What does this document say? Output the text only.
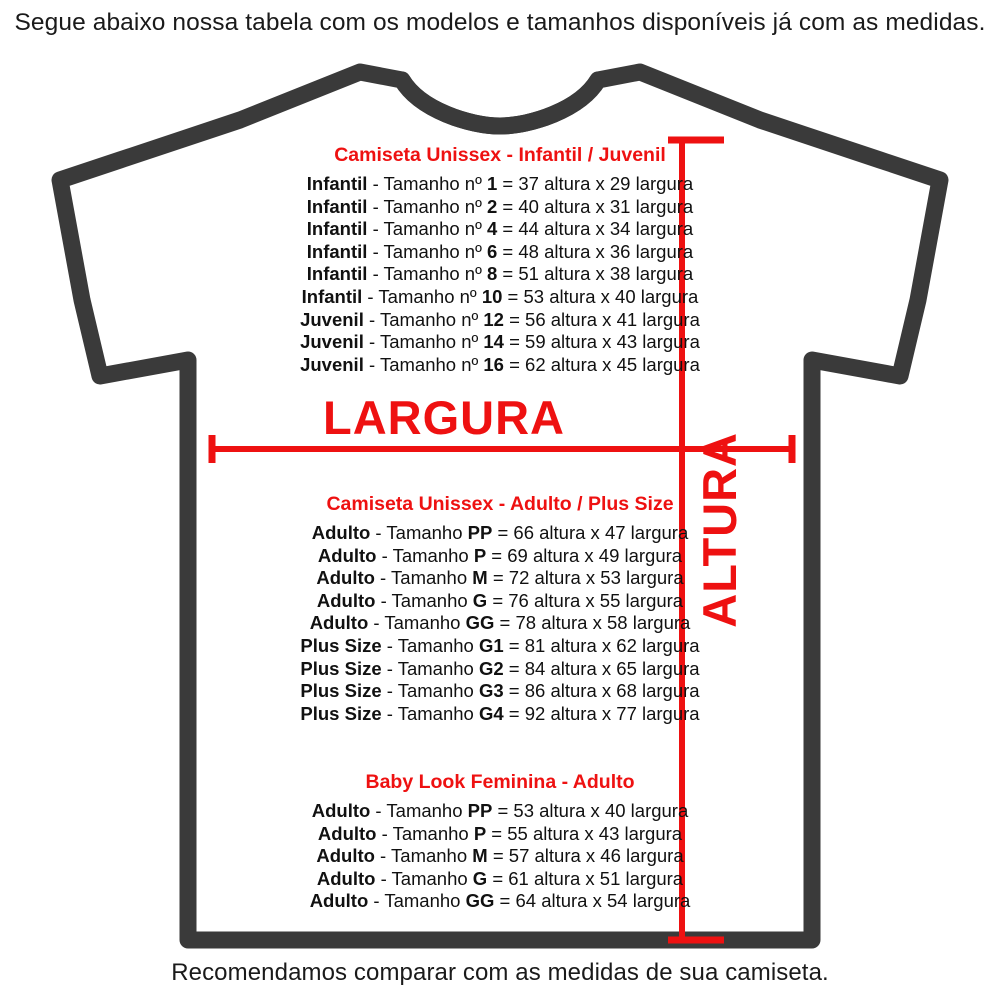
Segue abaixo nossa tabela com os modelos e tamanhos disponíveis já com as medidas.
LARGURA
ALTURA
Camiseta Unissex - Infantil / Juvenil
Infantil - Tamanho nº 1 = 37 altura x 29 largura
Infantil - Tamanho nº 2 = 40 altura x 31 largura
Infantil - Tamanho nº 4 = 44 altura x 34 largura
Infantil - Tamanho nº 6 = 48 altura x 36 largura
Infantil - Tamanho nº 8 = 51 altura x 38 largura
Infantil - Tamanho nº 10 = 53 altura x 40 largura
Juvenil - Tamanho nº 12 = 56 altura x 41 largura
Juvenil - Tamanho nº 14 = 59 altura x 43 largura
Juvenil - Tamanho nº 16 = 62 altura x 45 largura
Camiseta Unissex - Adulto / Plus Size
Adulto - Tamanho PP = 66 altura x 47 largura
Adulto - Tamanho P = 69 altura x 49 largura
Adulto - Tamanho M = 72 altura x 53 largura
Adulto - Tamanho G = 76 altura x 55 largura
Adulto - Tamanho GG = 78 altura x 58 largura
Plus Size - Tamanho G1 = 81 altura x 62 largura
Plus Size - Tamanho G2 = 84 altura x 65 largura
Plus Size - Tamanho G3 = 86 altura x 68 largura
Plus Size - Tamanho G4 = 92 altura x 77 largura
Baby Look Feminina - Adulto
Adulto - Tamanho PP = 53 altura x 40 largura
Adulto - Tamanho P = 55 altura x 43 largura
Adulto - Tamanho M = 57 altura x 46 largura
Adulto - Tamanho G = 61 altura x 51 largura
Adulto - Tamanho GG = 64 altura x 54 largura
Recomendamos comparar com as medidas de sua camiseta.
